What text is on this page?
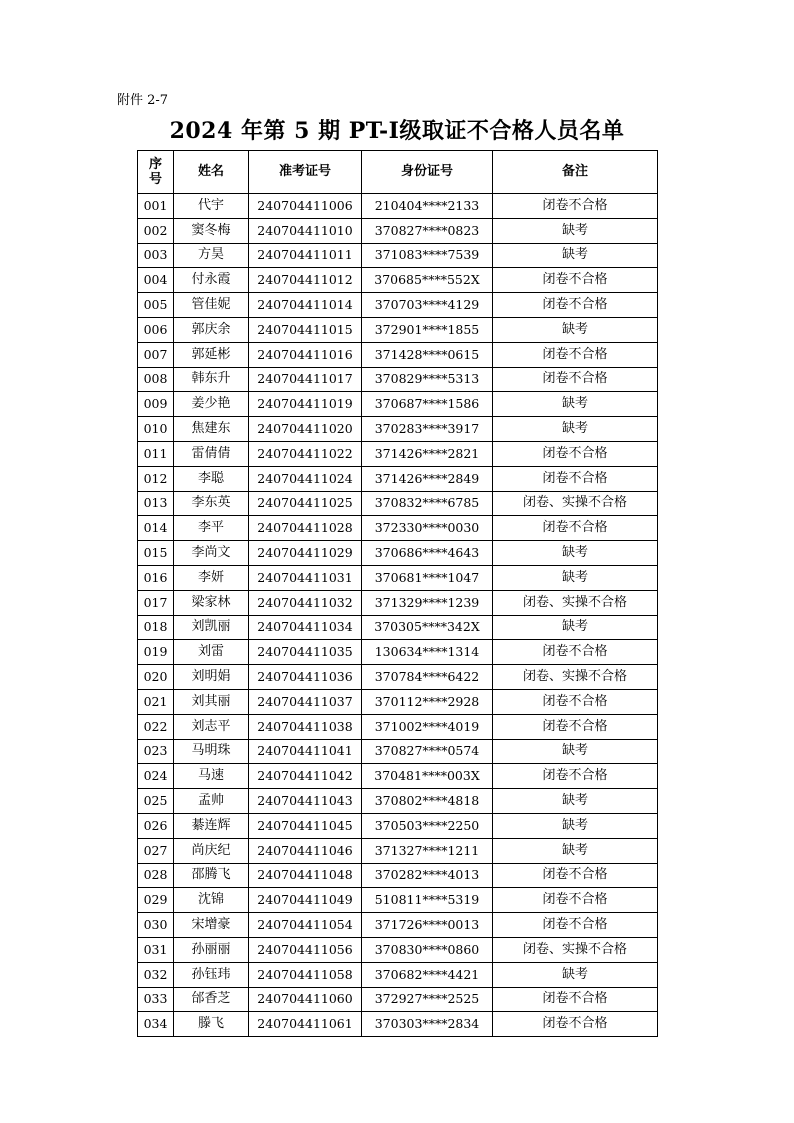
附件 2-7
2024 年第 5 期 PT-Ⅰ级取证不合格人员名单
序
号	姓名	准考证号	身份证号	备注
001	代宇	240704411006	210404****2133	闭卷不合格
002	窦冬梅	240704411010	370827****0823	缺考
003	方昊	240704411011	371083****7539	缺考
004	付永霞	240704411012	370685****552X	闭卷不合格
005	管佳妮	240704411014	370703****4129	闭卷不合格
006	郭庆余	240704411015	372901****1855	缺考
007	郭延彬	240704411016	371428****0615	闭卷不合格
008	韩东升	240704411017	370829****5313	闭卷不合格
009	姜少艳	240704411019	370687****1586	缺考
010	焦建东	240704411020	370283****3917	缺考
011	雷倩倩	240704411022	371426****2821	闭卷不合格
012	李聪	240704411024	371426****2849	闭卷不合格
013	李东英	240704411025	370832****6785	闭卷、实操不合格
014	李平	240704411028	372330****0030	闭卷不合格
015	李尚文	240704411029	370686****4643	缺考
016	李妍	240704411031	370681****1047	缺考
017	梁家林	240704411032	371329****1239	闭卷、实操不合格
018	刘凯丽	240704411034	370305****342X	缺考
019	刘雷	240704411035	130634****1314	闭卷不合格
020	刘明娟	240704411036	370784****6422	闭卷、实操不合格
021	刘其丽	240704411037	370112****2928	闭卷不合格
022	刘志平	240704411038	371002****4019	闭卷不合格
023	马明珠	240704411041	370827****0574	缺考
024	马速	240704411042	370481****003X	闭卷不合格
025	孟帅	240704411043	370802****4818	缺考
026	綦连辉	240704411045	370503****2250	缺考
027	尚庆纪	240704411046	371327****1211	缺考
028	邵腾飞	240704411048	370282****4013	闭卷不合格
029	沈锦	240704411049	510811****5319	闭卷不合格
030	宋增豪	240704411054	371726****0013	闭卷不合格
031	孙丽丽	240704411056	370830****0860	闭卷、实操不合格
032	孙钰玮	240704411058	370682****4421	缺考
033	邰香芝	240704411060	372927****2525	闭卷不合格
034	滕飞	240704411061	370303****2834	闭卷不合格
